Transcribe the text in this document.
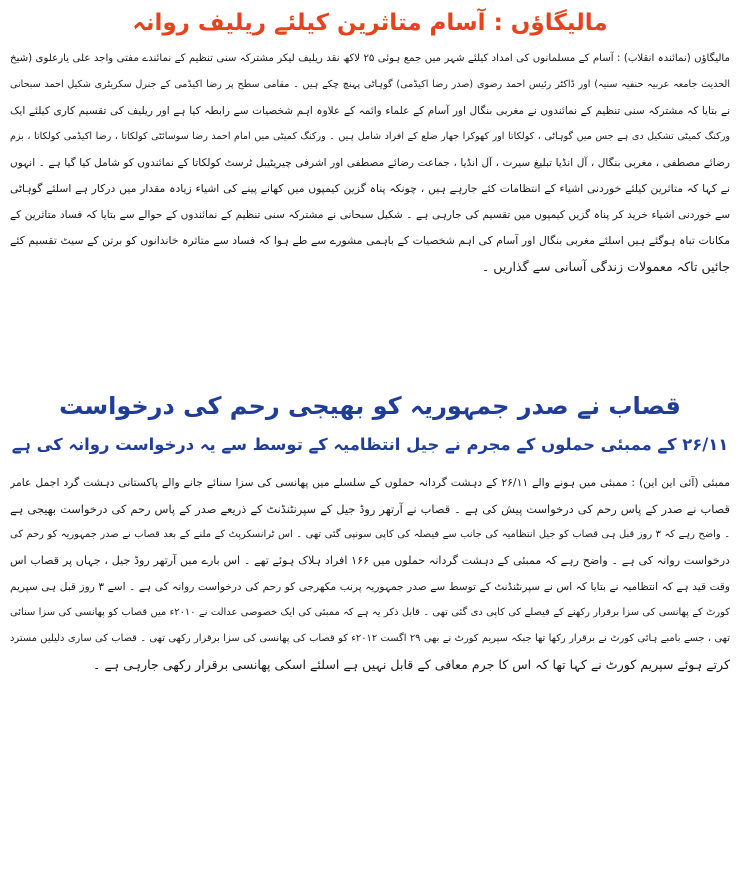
مالیگاؤں : آسام متاثرین کیلئے ریلیف روانہ
مالیگاؤں (نمائندہ انقلاب) : آسام کے مسلمانوں کی امداد کیلئے شہر میں جمع ہوئی ۲۵ لاکھ نقد ریلیف لیکر مشترکہ سنی تنظیم کے نمائندے مفتی واجد علی یارعلوی (شیخ
الحدیث جامعہ عربیہ حنفیہ سنیہ) اور ڈاکٹر رئیس احمد رضوی (صدر رضا اکیڈمی) گوہاٹی پہنچ چکے ہیں ۔ مقامی سطح پر رضا اکیڈمی کے جنرل سکریٹری شکیل احمد سبحانی
نے بتایا کہ مشترکہ سنی تنظیم کے نمائندوں نے مغربی بنگال اور آسام کے علماء وائمہ کے علاوہ اہم شخصیات سے رابطہ کیا ہے اور ریلیف کی تقسیم کاری کیلئے ایک
ورکنگ کمیٹی تشکیل دی ہے جس میں گوہاٹی ، کولکاتا اور کھوکرا جھار ضلع کے افراد شامل ہیں ۔ ورکنگ کمیٹی میں امام احمد رضا سوسائٹی کولکاتا ، رضا اکیڈمی کولکاتا ، بزم
رضائے مصطفی ، مغربی بنگال ، آل انڈیا تبلیغ سیرت ، آل انڈیا ، جماعت رضائے مصطفی اور اشرفی چیریٹیبل ٹرسٹ کولکاتا کے نمائندوں کو شامل کیا گیا ہے ۔ انہوں
نے کہا کہ متاثرین کیلئے خوردنی اشیاء کے انتظامات کئے جارہے ہیں ، چونکہ پناہ گزین کیمپوں میں کھانے پینے کی اشیاء زیادہ مقدار میں درکار ہے اسلئے گوہاٹی
سے خوردنی اشیاء خرید کر پناہ گزیں کیمپوں میں تقسیم کی جارہی ہے ۔ شکیل سبحانی نے مشترکہ سنی تنظیم کے نمائندوں کے حوالے سے بتایا کہ فساد متاثرین کے
مکانات تباہ ہوگئے ہیں اسلئے مغربی بنگال اور آسام کی اہم شخصیات کے باہمی مشورے سے طے ہوا کہ فساد سے متاثرہ خاندانوں کو برتن کے سیٹ تقسیم کئے
جائیں تاکہ معمولات زندگی آسانی سے گذاریں ۔
قصاب نے صدر جمہوریہ کو بھیجی رحم کی درخواست
۲۶/۱۱ کے ممبئی حملوں کے مجرم نے جیل انتظامیہ کے توسط سے یہ درخواست روانہ کی ہے
ممبئی (آئی این این) : ممبئی میں ہونے والے ۲۶/۱۱ کے دہشت گردانہ حملوں کے سلسلے میں پھانسی کی سزا سنائے جانے والے پاکستانی دہشت گرد اجمل عامر
قصاب نے صدر کے پاس رحم کی درخواست پیش کی ہے ۔ قصاب نے آرتھر روڈ جیل کے سپرنٹنڈنٹ کے ذریعے صدر کے پاس رحم کی درخواست بھیجی ہے
۔ واضح رہے کہ ۳ روز قبل ہی قصاب کو جیل انتظامیہ کی جانب سے فیصلہ کی کاپی سونپی گئی تھی ۔ اس ٹرانسکرپٹ کے ملنے کے بعد قصاب نے صدر جمہوریہ کو رحم کی
درخواست روانہ کی ہے ۔ واضح رہے کہ ممبئی کے دہشت گردانہ حملوں میں ۱۶۶ افراد ہلاک ہوئے تھے ۔ اس بارے میں آرتھر روڈ جیل ، جہاں پر قصاب اس
وقت قید ہے کہ انتظامیہ نے بتایا کہ اس نے سپرنٹنڈنٹ کے توسط سے صدر جمہوریہ پرنب مکھرجی کو رحم کی درخواست روانہ کی ہے ۔ اسے ۳ روز قبل ہی سپریم
کورٹ کے پھانسی کی سزا برقرار رکھنے کے فیصلے کی کاپی دی گئی تھی ۔ قابل ذکر یہ ہے کہ ممبئی کی ایک خصوصی عدالت نے ۲۰۱۰ء میں قصاب کو پھانسی کی سزا سنائی
تھی ، جسے بامبے ہائی کورٹ نے برقرار رکھا تھا جبکہ سپریم کورٹ نے بھی ۲۹ اگست ۲۰۱۲ء کو قصاب کی پھانسی کی سزا برقرار رکھی تھی ۔ قصاب کی ساری دلیلیں مسترد
کرتے ہوئے سپریم کورٹ نے کہا تھا کہ اس کا جرم معافی کے قابل نہیں ہے اسلئے اسکی پھانسی برقرار رکھی جارہی ہے ۔
